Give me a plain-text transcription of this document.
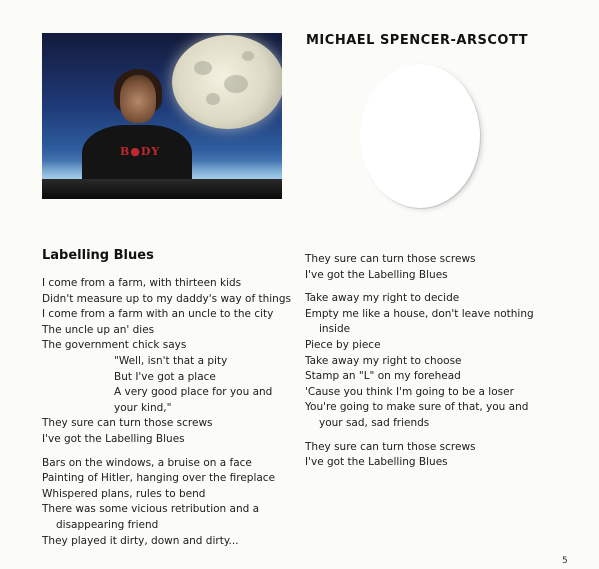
B●DY
MICHAEL SPENCER-ARSCOTT
Labelling Blues
I come from a farm, with thirteen kids
Didn't measure up to my daddy's way of things
I come from a farm with an uncle to the city
The uncle up an' dies
The government chick says
"Well, isn't that a pity
But I've got a place
A very good place for you and
your kind,"
They sure can turn those screws
I've got the Labelling Blues
Bars on the windows, a bruise on a face
Painting of Hitler, hanging over the fireplace
Whispered plans, rules to bend
There was some vicious retribution and a
disappearing friend
They played it dirty, down and dirty...
They sure can turn those screws
I've got the Labelling Blues
Take away my right to decide
Empty me like a house, don't leave nothing
inside
Piece by piece
Take away my right to choose
Stamp an "L" on my forehead
'Cause you think I'm going to be a loser
You're going to make sure of that, you and
your sad, sad friends
They sure can turn those screws
I've got the Labelling Blues
5
